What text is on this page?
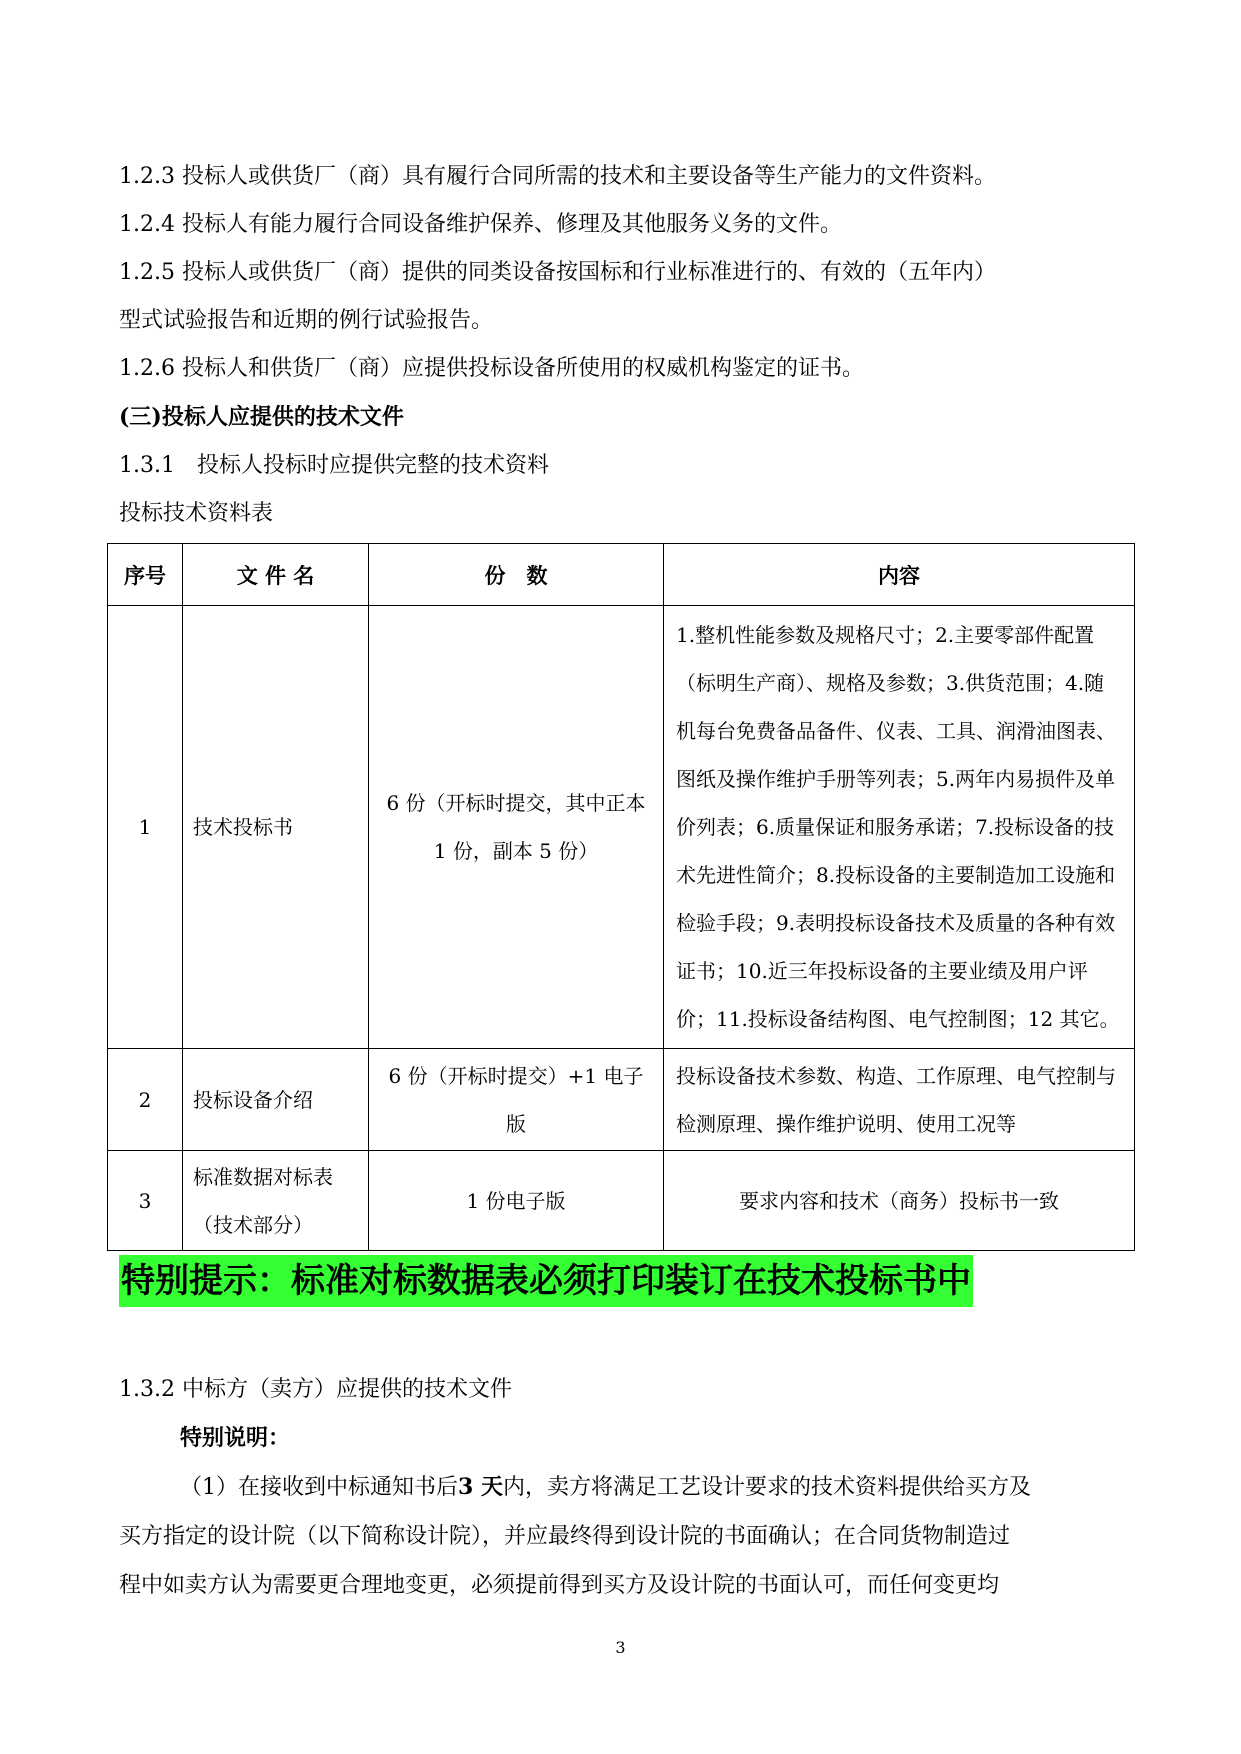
1.2.3 投标人或供货厂（商）具有履行合同所需的技术和主要设备等生产能力的文件资料。
1.2.4 投标人有能力履行合同设备维护保养、修理及其他服务义务的文件。
1.2.5 投标人或供货厂（商）提供的同类设备按国标和行业标准进行的、有效的（五年内）
型式试验报告和近期的例行试验报告。
1.2.6 投标人和供货厂（商）应提供投标设备所使用的权威机构鉴定的证书。
(三)投标人应提供的技术文件
1.3.1　投标人投标时应提供完整的技术资料
投标技术资料表
序号	文 件 名	份　数	内容
1	技术投标书	6 份（开标时提交，其中正本 1 份，副本 5 份）	1.整机性能参数及规格尺寸；2.主要零部件配置（标明生产商）、规格及参数；3.供货范围；4.随机每台免费备品备件、仪表、工具、润滑油图表、图纸及操作维护手册等列表；5.两年内易损件及单价列表；6.质量保证和服务承诺；7.投标设备的技术先进性简介；8.投标设备的主要制造加工设施和检验手段；9.表明投标设备技术及质量的各种有效证书；10.近三年投标设备的主要业绩及用户评价；11.投标设备结构图、电气控制图；12 其它。

2	投标设备介绍	6 份（开标时提交）+1 电子版	投标设备技术参数、构造、工作原理、电气控制与检测原理、操作维护说明、使用工况等

3	标准数据对标表（技术部分）	1 份电子版	要求内容和技术（商务）投标书一致
特别提示：标准对标数据表必须打印装订在技术投标书中
1.3.2 中标方（卖方）应提供的技术文件
特别说明：
（1）在接收到中标通知书后3 天内，卖方将满足工艺设计要求的技术资料提供给买方及
买方指定的设计院（以下简称设计院），并应最终得到设计院的书面确认；在合同货物制造过
程中如卖方认为需要更合理地变更，必须提前得到买方及设计院的书面认可，而任何变更均
3
